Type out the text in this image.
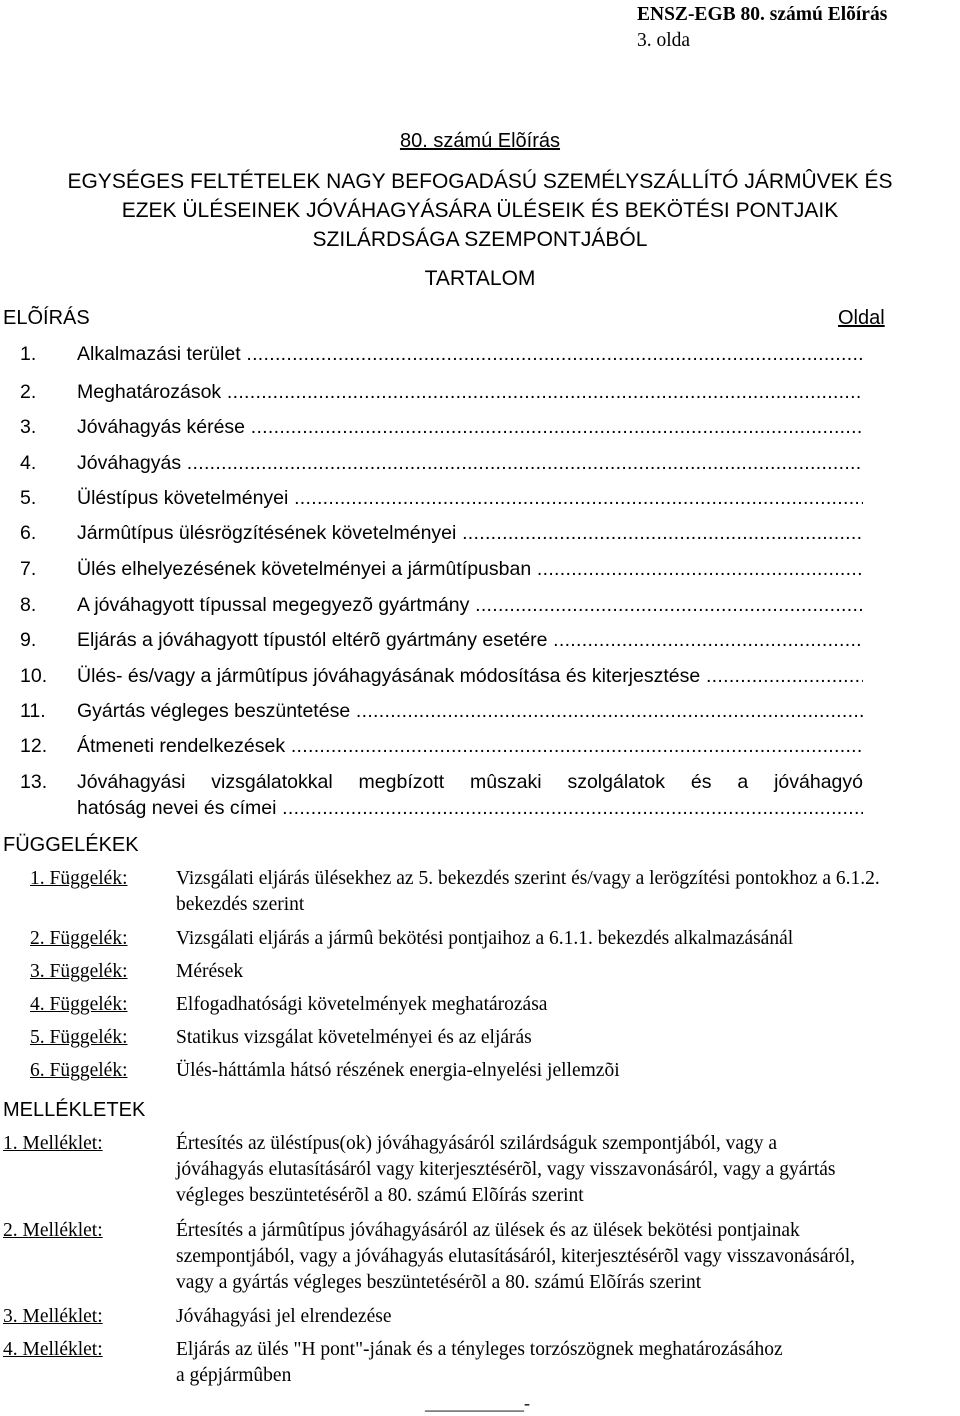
ENSZ-EGB 80. számú Elõírás
3. olda
80. számú Elõírás
EGYSÉGES FELTÉTELEK NAGY BEFOGADÁSÚ SZEMÉLYSZÁLLÍTÓ JÁRMÛVEK ÉS
EZEK ÜLÉSEINEK JÓVÁHAGYÁSÁRA ÜLÉSEIK ÉS BEKÖTÉSI PONTJAIK
SZILÁRDSÁGA SZEMPONTJÁBÓL
TARTALOM
ELÕÍRÁS	Oldal
1. Alkalmazási terület .....
2. Meghatározások .....
3. Jóváhagyás kérése .....
4. Jóváhagyás .....
5. Üléstípus követelményei .....
6. Jármûtípus ülésrögzítésének követelményei .....
7. Ülés elhelyezésének követelményei a jármûtípusban .....
8. A jóváhagyott típussal megegyezõ gyártmány .....
9. Eljárás a jóváhagyott típustól eltérõ gyártmány esetére .....
10. Ülés- és/vagy a jármûtípus jóváhagyásának módosítása és kiterjesztése .....
11. Gyártás végleges beszüntetése .....
12. Átmeneti rendelkezések .....
13. Jóváhagyási vizsgálatokkal megbízott mûszaki szolgálatok és a jóváhagyó
hatóság nevei és címei .....
FÜGGELÉKEK
1. Függelék: Vizsgálati eljárás ülésekhez az 5. bekezdés szerint és/vagy a lerögzítési pontokhoz a 6.1.2. bekezdés szerint
2. Függelék: Vizsgálati eljárás a jármû bekötési pontjaihoz a 6.1.1. bekezdés alkalmazásánál
3. Függelék: Mérések
4. Függelék: Elfogadhatósági követelmények meghatározása
5. Függelék: Statikus vizsgálat követelményei és az eljárás
6. Függelék: Ülés-háttámla hátsó részének energia-elnyelési jellemzõi
MELLÉKLETEK
1. Melléklet:	Értesítés az üléstípus(ok) jóváhagyásáról szilárdságuk szempontjából, vagy a
jóváhagyás elutasításáról vagy kiterjesztésérõl, vagy visszavonásáról, vagy a gyártás
végleges beszüntetésérõl a 80. számú Elõírás szerint
2. Melléklet:	Értesítés a jármûtípus jóváhagyásáról az ülések és az ülések bekötési pontjainak
szempontjából, vagy a jóváhagyás elutasításáról, kiterjesztésérõl vagy visszavonásáról,
vagy a gyártás végleges beszüntetésérõl a 80. számú Elõírás szerint
3. Melléklet:	Jóváhagyási jel elrendezése
4. Melléklet:	Eljárás az ülés "H pont"-jának és a tényleges torzószögnek meghatározásához
a gépjármûben
___________-
